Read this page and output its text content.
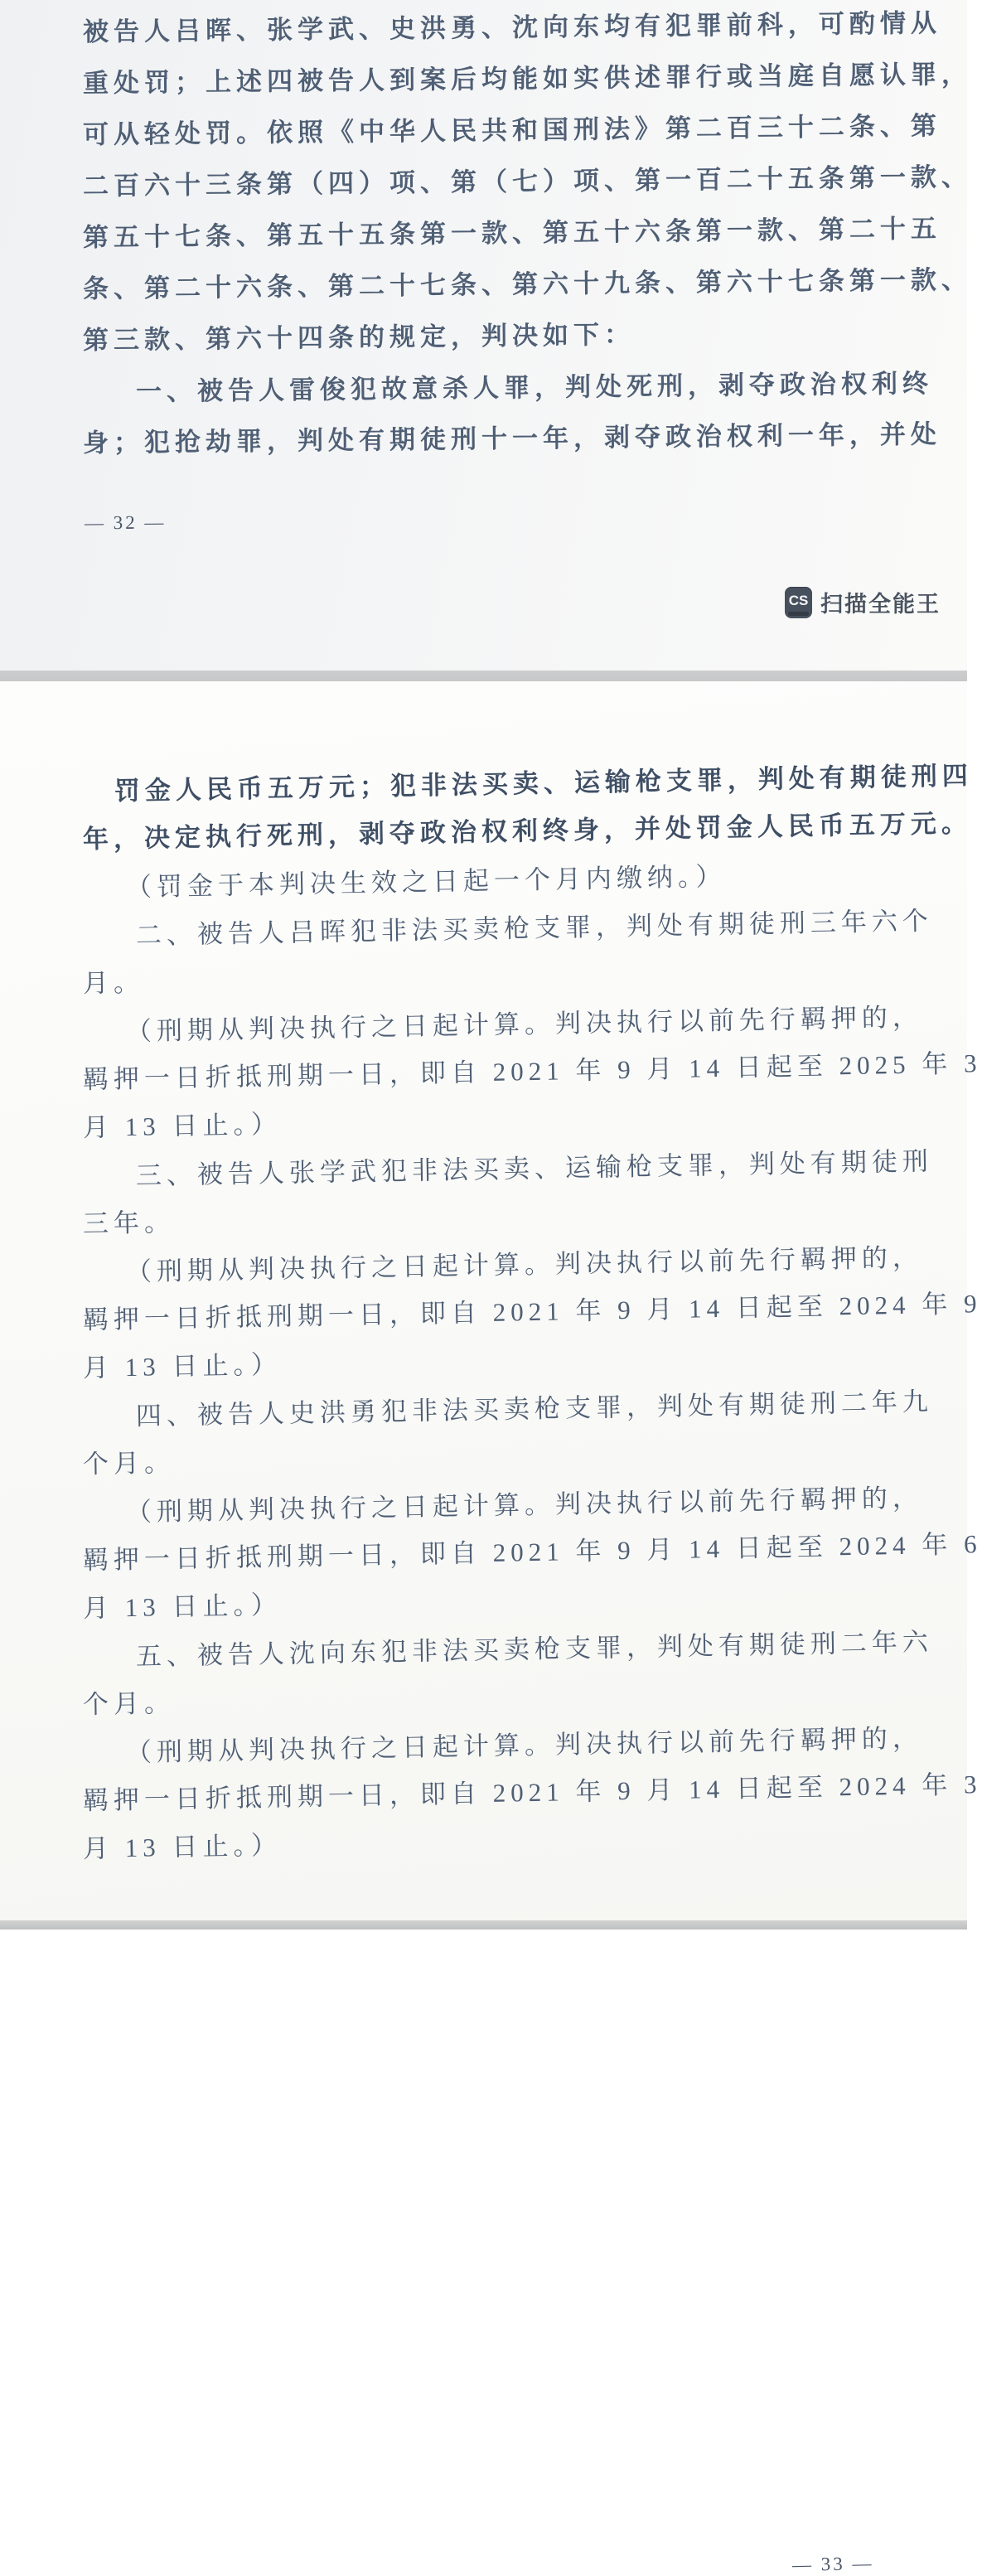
被告人吕晖、张学武、史洪勇、沈向东均有犯罪前科，可酌情从
重处罚；上述四被告人到案后均能如实供述罪行或当庭自愿认罪，
可从轻处罚。依照《中华人民共和国刑法》第二百三十二条、第
二百六十三条第（四）项、第（七）项、第一百二十五条第一款、
第五十七条、第五十五条第一款、第五十六条第一款、第二十五
条、第二十六条、第二十七条、第六十九条、第六十七条第一款、
第三款、第六十四条的规定，判决如下：
一、被告人雷俊犯故意杀人罪，判处死刑，剥夺政治权利终
身；犯抢劫罪，判处有期徒刑十一年，剥夺政治权利一年，并处
— 32 —
CS 扫描全能王
罚金人民币五万元；犯非法买卖、运输枪支罪，判处有期徒刑四
年，决定执行死刑，剥夺政治权利终身，并处罚金人民币五万元。
（罚金于本判决生效之日起一个月内缴纳。）
二、被告人吕晖犯非法买卖枪支罪，判处有期徒刑三年六个
月。
（刑期从判决执行之日起计算。判决执行以前先行羁押的，
羁押一日折抵刑期一日，即自 2021 年 9 月 14 日起至 2025 年 3
月 13 日止。）
三、被告人张学武犯非法买卖、运输枪支罪，判处有期徒刑
三年。
（刑期从判决执行之日起计算。判决执行以前先行羁押的，
羁押一日折抵刑期一日，即自 2021 年 9 月 14 日起至 2024 年 9
月 13 日止。）
四、被告人史洪勇犯非法买卖枪支罪，判处有期徒刑二年九
个月。
（刑期从判决执行之日起计算。判决执行以前先行羁押的，
羁押一日折抵刑期一日，即自 2021 年 9 月 14 日起至 2024 年 6
月 13 日止。）
五、被告人沈向东犯非法买卖枪支罪，判处有期徒刑二年六
个月。
（刑期从判决执行之日起计算。判决执行以前先行羁押的，
羁押一日折抵刑期一日，即自 2021 年 9 月 14 日起至 2024 年 3
月 13 日止。）
— 33 —
